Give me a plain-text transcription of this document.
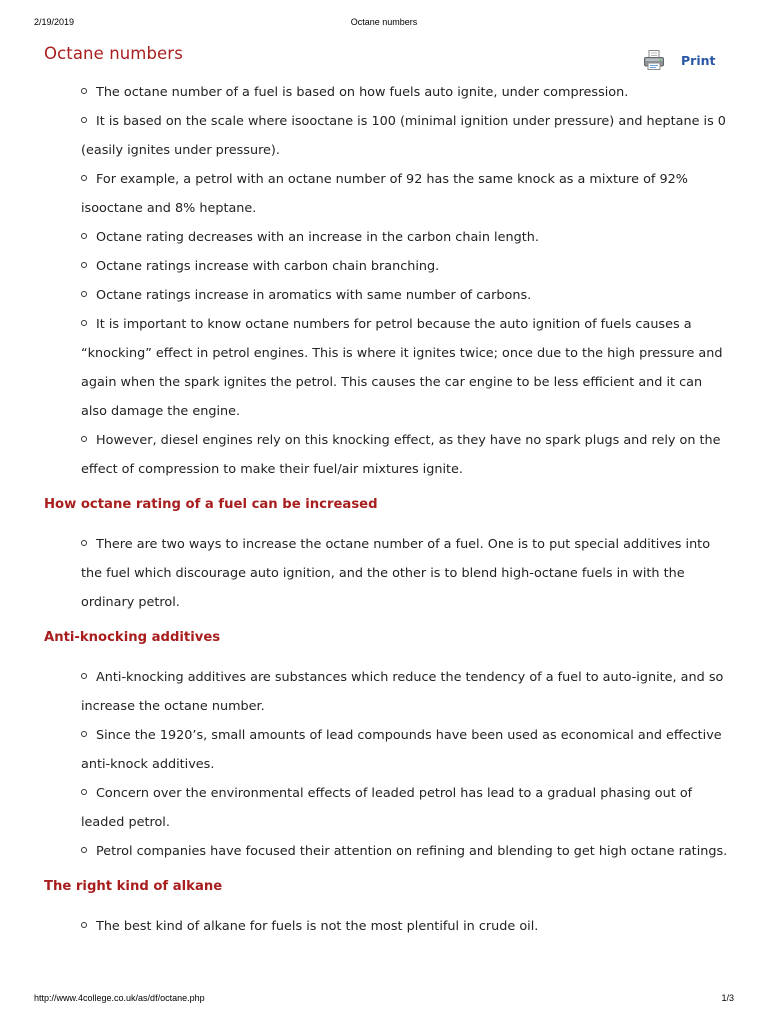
2/19/2019	Octane numbers
Octane numbers	Print
The octane number of a fuel is based on how fuels auto ignite, under compression.
It is based on the scale where isooctane is 100 (minimal ignition under pressure) and heptane is 0 (easily ignites under pressure).
For example, a petrol with an octane number of 92 has the same knock as a mixture of 92% isooctane and 8% heptane.
Octane rating decreases with an increase in the carbon chain length.
Octane ratings increase with carbon chain branching.
Octane ratings increase in aromatics with same number of carbons.
It is important to know octane numbers for petrol because the auto ignition of fuels causes a “knocking” effect in petrol engines. This is where it ignites twice; once due to the high pressure and again when the spark ignites the petrol. This causes the car engine to be less efficient and it can also damage the engine.
However, diesel engines rely on this knocking effect, as they have no spark plugs and rely on the effect of compression to make their fuel/air mixtures ignite.
How octane rating of a fuel can be increased
There are two ways to increase the octane number of a fuel. One is to put special additives into the fuel which discourage auto ignition, and the other is to blend high-octane fuels in with the ordinary petrol.
Anti-knocking additives
Anti-knocking additives are substances which reduce the tendency of a fuel to auto-ignite, and so increase the octane number.
Since the 1920’s, small amounts of lead compounds have been used as economical and effective anti-knock additives.
Concern over the environmental effects of leaded petrol has lead to a gradual phasing out of leaded petrol.
Petrol companies have focused their attention on refining and blending to get high octane ratings.
The right kind of alkane
The best kind of alkane for fuels is not the most plentiful in crude oil.
http://www.4college.co.uk/as/df/octane.php	1/3
